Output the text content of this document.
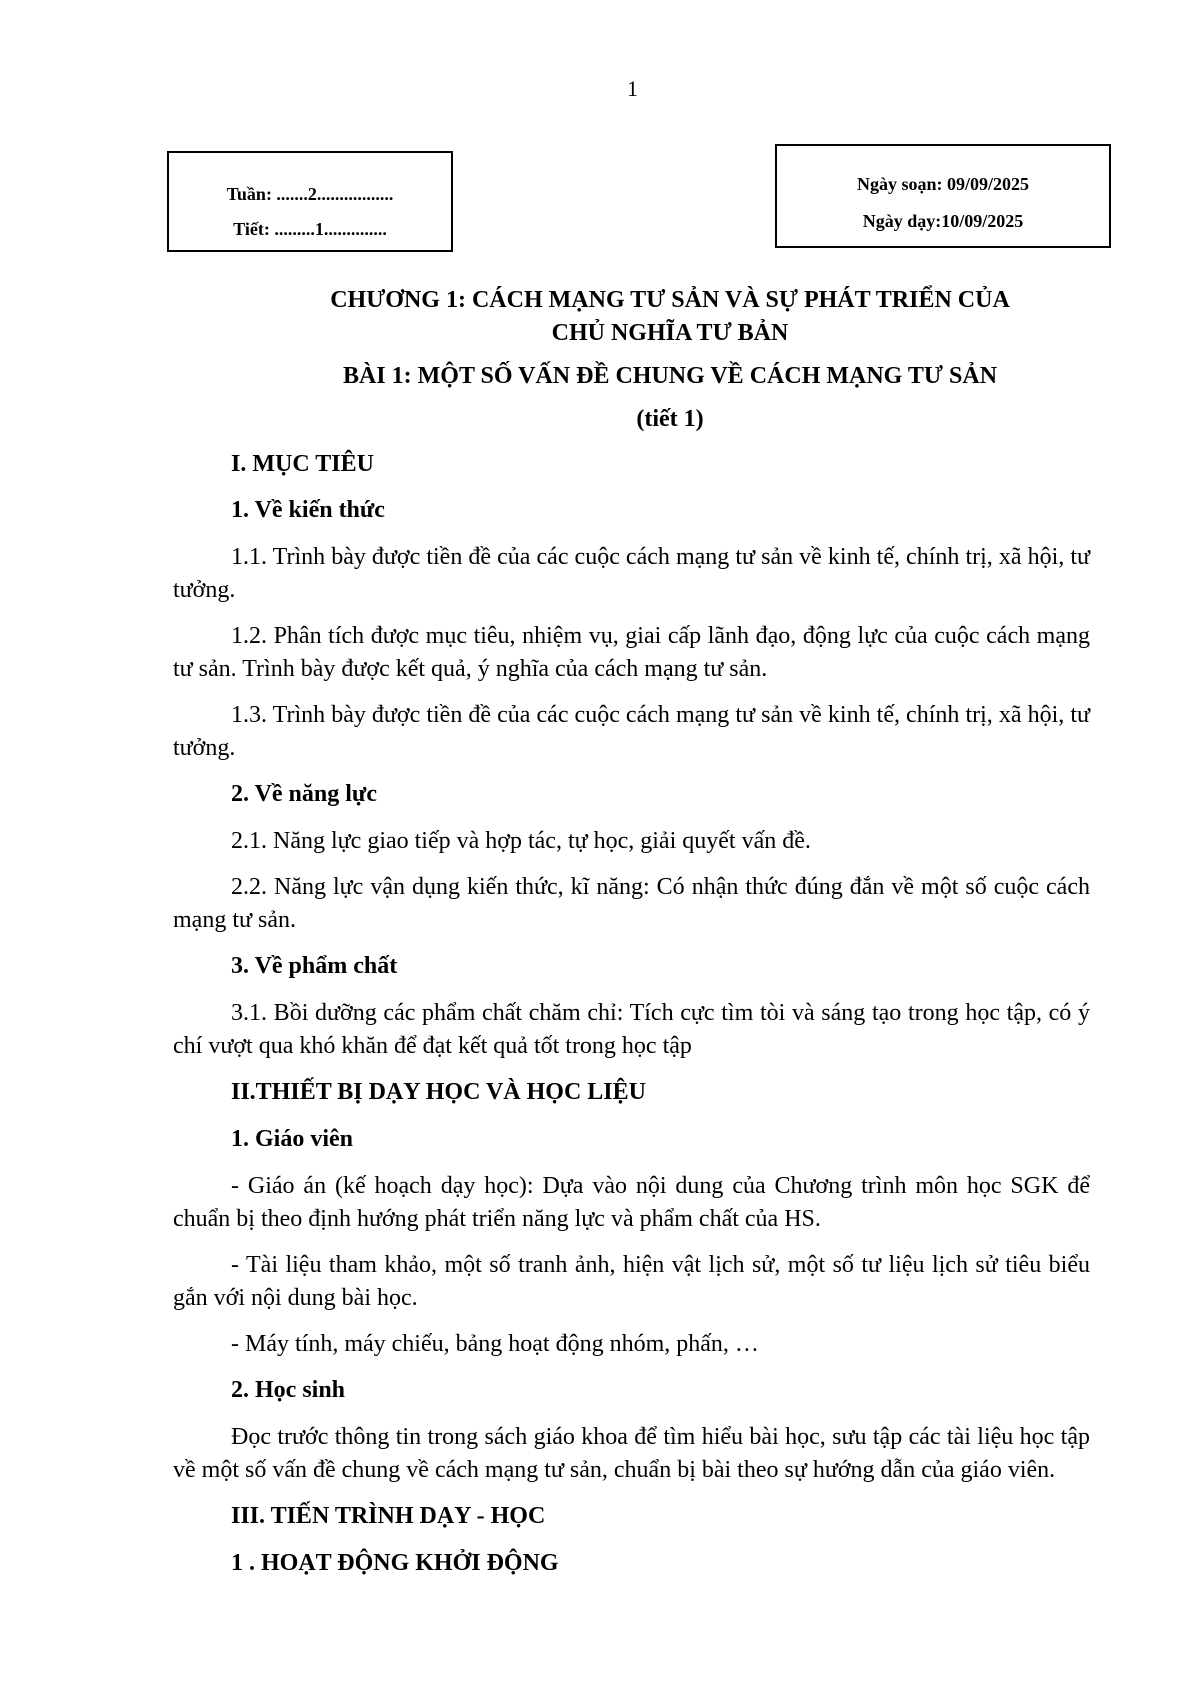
1
Tuần: .......2.................
Tiết: .........1..............
Ngày soạn: 09/09/2025
Ngày dạy:10/09/2025
CHƯƠNG 1: CÁCH MẠNG TƯ SẢN VÀ SỰ PHÁT TRIỂN CỦA
CHỦ NGHĨA TƯ BẢN
BÀI 1: MỘT SỐ VẤN ĐỀ CHUNG VỀ CÁCH MẠNG TƯ SẢN
(tiết 1)
I. MỤC TIÊU
1. Về kiến thức

1.1. Trình bày được tiền đề của các cuộc cách mạng tư sản về kinh tế, chính trị, xã hội, tư tưởng.

1.2. Phân tích được mục tiêu, nhiệm vụ, giai cấp lãnh đạo, động lực của cuộc cách mạng tư sản. Trình bày được kết quả, ý nghĩa của cách mạng tư sản.

1.3. Trình bày được tiền đề của các cuộc cách mạng tư sản về kinh tế, chính trị, xã hội, tư tưởng.

2. Về năng lực

2.1. Năng lực giao tiếp và hợp tác, tự học, giải quyết vấn đề.

2.2. Năng lực vận dụng kiến thức, kĩ năng: Có nhận thức đúng đắn về một số cuộc cách mạng tư sản.

3. Về phẩm chất

3.1. Bồi dưỡng các phẩm chất chăm chỉ: Tích cực tìm tòi và sáng tạo trong học tập, có ý chí vượt qua khó khăn để đạt kết quả tốt trong học tập

II.THIẾT BỊ DẠY HỌC VÀ HỌC LIỆU
1. Giáo viên

- Giáo án (kế hoạch dạy học): Dựa vào nội dung của Chương trình môn học SGK để chuẩn bị theo định hướng phát triển năng lực và phẩm chất của HS.

- Tài liệu tham khảo, một số tranh ảnh, hiện vật lịch sử, một số tư liệu lịch sử tiêu biểu gắn với nội dung bài học.

- Máy tính, máy chiếu, bảng hoạt động nhóm, phấn, …

2. Học sinh

Đọc trước thông tin trong sách giáo khoa để tìm hiểu bài học, sưu tập các tài liệu học tập về một số vấn đề chung về cách mạng tư sản, chuẩn bị bài theo sự hướng dẫn của giáo viên.

III. TIẾN TRÌNH DẠY - HỌC
1 . HOẠT ĐỘNG KHỞI ĐỘNG
